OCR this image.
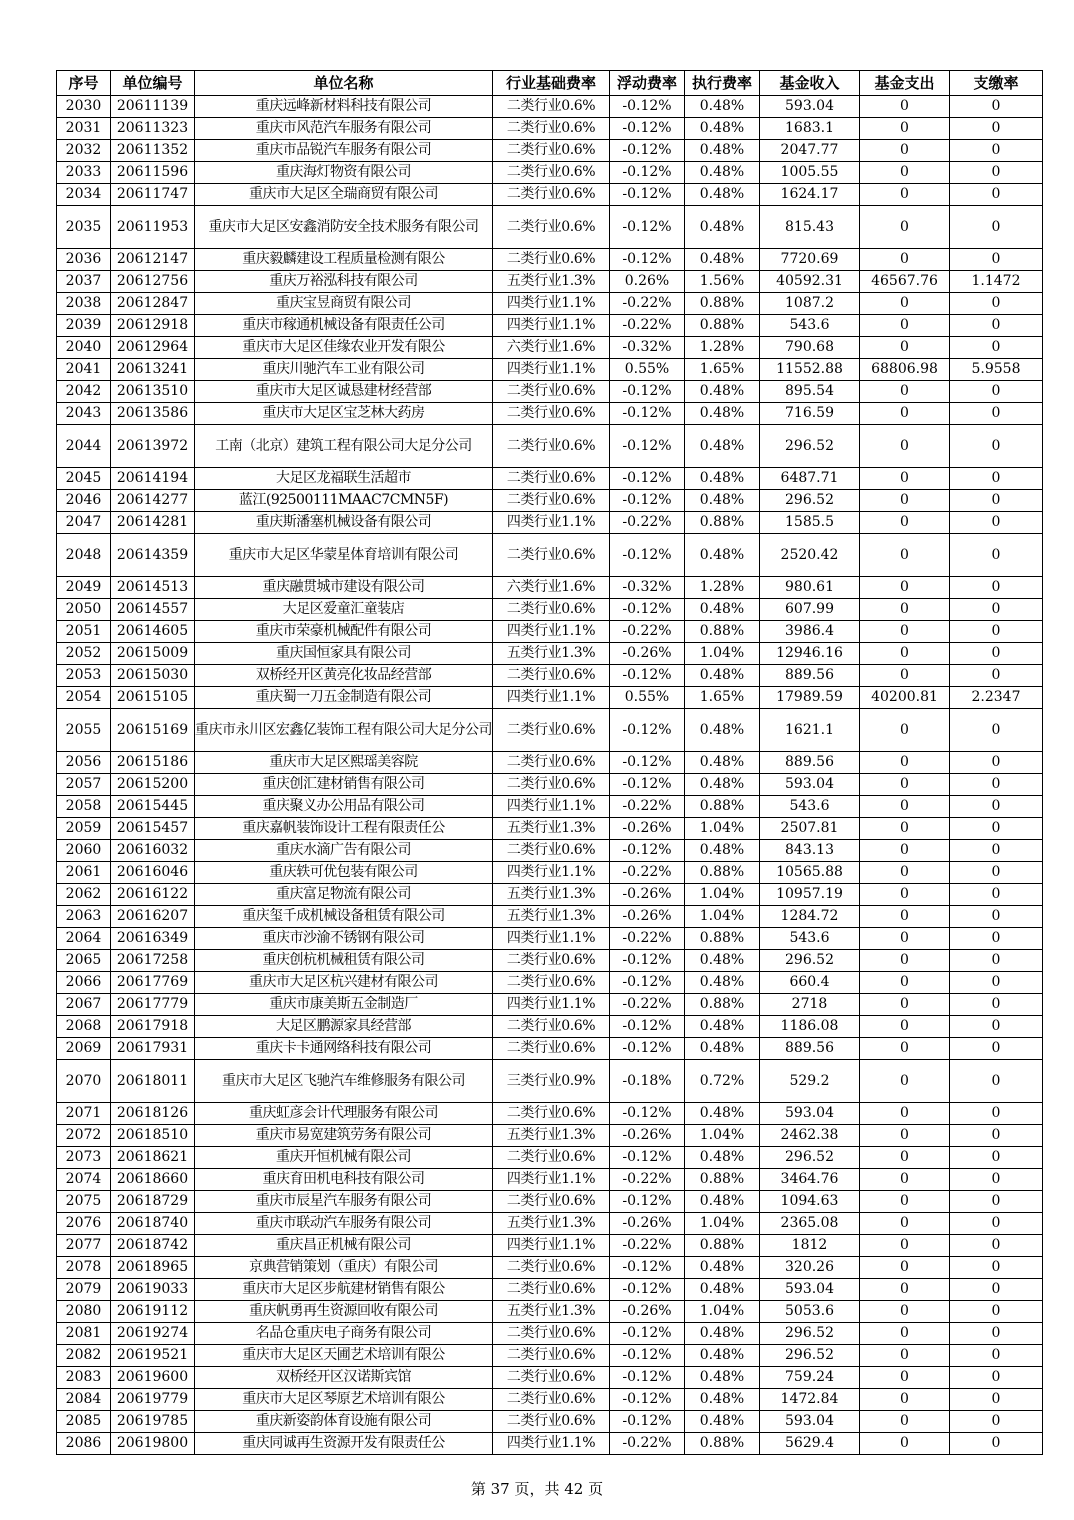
序号	单位编号	单位名称	行业基础费率	浮动费率	执行费率	基金收入	基金支出	支缴率
2030	20611139	重庆远峰新材料科技有限公司	二类行业0.6%	-0.12%	0.48%	593.04	0	0
2031	20611323	重庆市风范汽车服务有限公司	二类行业0.6%	-0.12%	0.48%	1683.1	0	0
2032	20611352	重庆市品锐汽车服务有限公司	二类行业0.6%	-0.12%	0.48%	2047.77	0	0
2033	20611596	重庆海灯物资有限公司	二类行业0.6%	-0.12%	0.48%	1005.55	0	0
2034	20611747	重庆市大足区全瑞商贸有限公司	二类行业0.6%	-0.12%	0.48%	1624.17	0	0
2035	20611953	重庆市大足区安鑫消防安全技术服务有限公司	二类行业0.6%	-0.12%	0.48%	815.43	0	0
2036	20612147	重庆毅麟建设工程质量检测有限公	二类行业0.6%	-0.12%	0.48%	7720.69	0	0
2037	20612756	重庆万裕泓科技有限公司	五类行业1.3%	0.26%	1.56%	40592.31	46567.76	1.1472
2038	20612847	重庆宝昱商贸有限公司	四类行业1.1%	-0.22%	0.88%	1087.2	0	0
2039	20612918	重庆市稼通机械设备有限责任公司	四类行业1.1%	-0.22%	0.88%	543.6	0	0
2040	20612964	重庆市大足区佳缘农业开发有限公	六类行业1.6%	-0.32%	1.28%	790.68	0	0
2041	20613241	重庆川驰汽车工业有限公司	四类行业1.1%	0.55%	1.65%	11552.88	68806.98	5.9558
2042	20613510	重庆市大足区诚恳建材经营部	二类行业0.6%	-0.12%	0.48%	895.54	0	0
2043	20613586	重庆市大足区宝芝林大药房	二类行业0.6%	-0.12%	0.48%	716.59	0	0
2044	20613972	工南（北京）建筑工程有限公司大足分公司	二类行业0.6%	-0.12%	0.48%	296.52	0	0
2045	20614194	大足区龙福联生活超市	二类行业0.6%	-0.12%	0.48%	6487.71	0	0
2046	20614277	蓝江(92500111MAAC7CMN5F)	二类行业0.6%	-0.12%	0.48%	296.52	0	0
2047	20614281	重庆斯潘塞机械设备有限公司	四类行业1.1%	-0.22%	0.88%	1585.5	0	0
2048	20614359	重庆市大足区华蒙星体育培训有限公司	二类行业0.6%	-0.12%	0.48%	2520.42	0	0
2049	20614513	重庆融贯城市建设有限公司	六类行业1.6%	-0.32%	1.28%	980.61	0	0
2050	20614557	大足区爱童汇童装店	二类行业0.6%	-0.12%	0.48%	607.99	0	0
2051	20614605	重庆市荣豪机械配件有限公司	四类行业1.1%	-0.22%	0.88%	3986.4	0	0
2052	20615009	重庆国恒家具有限公司	五类行业1.3%	-0.26%	1.04%	12946.16	0	0
2053	20615030	双桥经开区黄亮化妆品经营部	二类行业0.6%	-0.12%	0.48%	889.56	0	0
2054	20615105	重庆蜀一刀五金制造有限公司	四类行业1.1%	0.55%	1.65%	17989.59	40200.81	2.2347
2055	20615169	重庆市永川区宏鑫亿装饰工程有限公司大足分公司	二类行业0.6%	-0.12%	0.48%	1621.1	0	0
2056	20615186	重庆市大足区熙瑶美容院	二类行业0.6%	-0.12%	0.48%	889.56	0	0
2057	20615200	重庆创汇建材销售有限公司	二类行业0.6%	-0.12%	0.48%	593.04	0	0
2058	20615445	重庆聚义办公用品有限公司	四类行业1.1%	-0.22%	0.88%	543.6	0	0
2059	20615457	重庆嘉帆装饰设计工程有限责任公	五类行业1.3%	-0.26%	1.04%	2507.81	0	0
2060	20616032	重庆水滴广告有限公司	二类行业0.6%	-0.12%	0.48%	843.13	0	0
2061	20616046	重庆轶可优包装有限公司	四类行业1.1%	-0.22%	0.88%	10565.88	0	0
2062	20616122	重庆富足物流有限公司	五类行业1.3%	-0.26%	1.04%	10957.19	0	0
2063	20616207	重庆玺千成机械设备租赁有限公司	五类行业1.3%	-0.26%	1.04%	1284.72	0	0
2064	20616349	重庆市沙渝不锈钢有限公司	四类行业1.1%	-0.22%	0.88%	543.6	0	0
2065	20617258	重庆创杭机械租赁有限公司	二类行业0.6%	-0.12%	0.48%	296.52	0	0
2066	20617769	重庆市大足区杭兴建材有限公司	二类行业0.6%	-0.12%	0.48%	660.4	0	0
2067	20617779	重庆市康美斯五金制造厂	四类行业1.1%	-0.22%	0.88%	2718	0	0
2068	20617918	大足区鹏源家具经营部	二类行业0.6%	-0.12%	0.48%	1186.08	0	0
2069	20617931	重庆卡卡通网络科技有限公司	二类行业0.6%	-0.12%	0.48%	889.56	0	0
2070	20618011	重庆市大足区飞驰汽车维修服务有限公司	三类行业0.9%	-0.18%	0.72%	529.2	0	0
2071	20618126	重庆虹彦会计代理服务有限公司	二类行业0.6%	-0.12%	0.48%	593.04	0	0
2072	20618510	重庆市易宽建筑劳务有限公司	五类行业1.3%	-0.26%	1.04%	2462.38	0	0
2073	20618621	重庆开恒机械有限公司	二类行业0.6%	-0.12%	0.48%	296.52	0	0
2074	20618660	重庆育田机电科技有限公司	四类行业1.1%	-0.22%	0.88%	3464.76	0	0
2075	20618729	重庆市辰星汽车服务有限公司	二类行业0.6%	-0.12%	0.48%	1094.63	0	0
2076	20618740	重庆市联动汽车服务有限公司	五类行业1.3%	-0.26%	1.04%	2365.08	0	0
2077	20618742	重庆昌正机械有限公司	四类行业1.1%	-0.22%	0.88%	1812	0	0
2078	20618965	京典营销策划（重庆）有限公司	二类行业0.6%	-0.12%	0.48%	320.26	0	0
2079	20619033	重庆市大足区步航建材销售有限公	二类行业0.6%	-0.12%	0.48%	593.04	0	0
2080	20619112	重庆帆勇再生资源回收有限公司	五类行业1.3%	-0.26%	1.04%	5053.6	0	0
2081	20619274	名品仓重庆电子商务有限公司	二类行业0.6%	-0.12%	0.48%	296.52	0	0
2082	20619521	重庆市大足区天圃艺术培训有限公	二类行业0.6%	-0.12%	0.48%	296.52	0	0
2083	20619600	双桥经开区汉诺斯宾馆	二类行业0.6%	-0.12%	0.48%	759.24	0	0
2084	20619779	重庆市大足区琴原艺术培训有限公	二类行业0.6%	-0.12%	0.48%	1472.84	0	0
2085	20619785	重庆新姿韵体育设施有限公司	二类行业0.6%	-0.12%	0.48%	593.04	0	0
2086	20619800	重庆同诚再生资源开发有限责任公	四类行业1.1%	-0.22%	0.88%	5629.4	0	0
第 37 页，共 42 页
